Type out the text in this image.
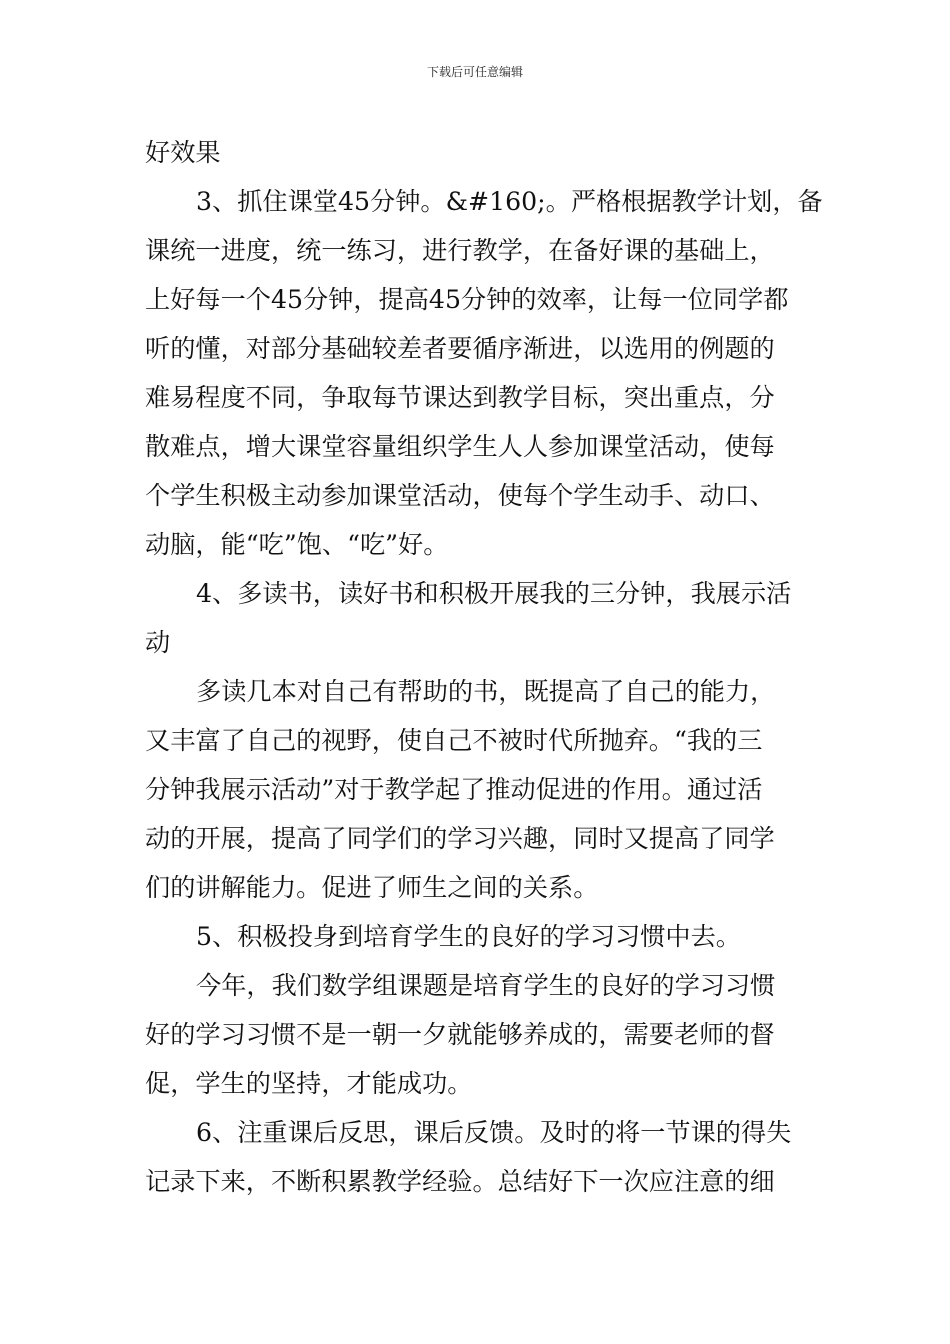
下载后可任意编辑
好效果
3、抓住课堂45分钟。&#160;。严格根据教学计划，备
课统一进度，统一练习，进行教学，在备好课的基础上，
上好每一个45分钟，提高45分钟的效率，让每一位同学都
听的懂，对部分基础较差者要循序渐进，以选用的例题的
难易程度不同，争取每节课达到教学目标，突出重点，分
散难点，增大课堂容量组织学生人人参加课堂活动，使每
个学生积极主动参加课堂活动，使每个学生动手、动口、
动脑，能“吃”饱、“吃”好。
4、多读书，读好书和积极开展我的三分钟，我展示活
动
多读几本对自己有帮助的书，既提高了自己的能力，
又丰富了自己的视野，使自己不被时代所抛弃。“我的三
分钟我展示活动”对于教学起了推动促进的作用。通过活
动的开展，提高了同学们的学习兴趣，同时又提高了同学
们的讲解能力。促进了师生之间的关系。
5、积极投身到培育学生的良好的学习习惯中去。
今年，我们数学组课题是培育学生的良好的学习习惯
好的学习习惯不是一朝一夕就能够养成的，需要老师的督
促，学生的坚持，才能成功。
6、注重课后反思，课后反馈。及时的将一节课的得失
记录下来，不断积累教学经验。总结好下一次应注意的细
